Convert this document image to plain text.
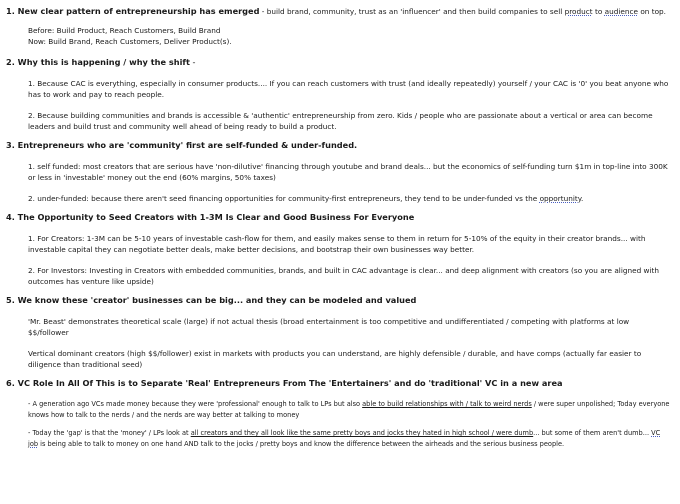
1. New clear pattern of entrepreneurship has emerged - build brand, community, trust as an 'influencer' and then build companies to sell product to audience on top.

Before: Build Product, Reach Customers, Build Brand

Now: Build Brand, Reach Customers, Deliver Product(s).

2. Why this is happening / why the shift -

1. Because CAC is everything, especially in consumer products.... If you can reach customers with trust (and ideally repeatedly) yourself / your CAC is '0' you beat anyone who has to work and pay to reach people.

2. Because building communities and brands is accessible & 'authentic' entrepreneurship from zero. Kids / people who are passionate about a vertical or area can become leaders and build trust and community well ahead of being ready to build a product.

3. Entrepreneurs who are 'community' first are self-funded & under-funded.

1. self funded: most creators that are serious have 'non-dilutive' financing through youtube and brand deals... but the economics of self-funding turn $1m in top-line into 300K or less in 'investable' money out the end (60% margins, 50% taxes)

2. under-funded: because there aren't seed financing opportunities for community-first entrepreneurs, they tend to be under-funded vs the opportunity.

4. The Opportunity to Seed Creators with 1-3M Is Clear and Good Business For Everyone

1. For Creators: 1-3M can be 5-10 years of investable cash-flow for them, and easily makes sense to them in return for 5-10% of the equity in their creator brands... with investable capital they can negotiate better deals, make better decisions, and bootstrap their own businesses way better.

2. For Investors: Investing in Creators with embedded communities, brands, and built in CAC advantage is clear... and deep alignment with creators (so you are aligned with outcomes has venture like upside)

5. We know these 'creator' businesses can be big... and they can be modeled and valued

'Mr. Beast' demonstrates theoretical scale (large) if not actual thesis (broad entertainment is too competitive and undifferentiated / competing with platforms at low $$/follower

Vertical dominant creators (high $$/follower) exist in markets with products you can understand, are highly defensible / durable, and have comps (actually far easier to diligence than traditional seed)

6. VC Role In All Of This is to Separate 'Real' Entrepreneurs From The 'Entertainers' and do 'traditional' VC in a new area

- A generation ago VCs made money because they were 'professional' enough to talk to LPs but also able to build relationships with / talk to weird nerds / were super unpolished; Today everyone knows how to talk to the nerds / and the nerds are way better at talking to money

- Today the 'gap' is that the 'money' / LPs look at all creators and they all look like the same pretty boys and jocks they hated in high school / were dumb... but some of them aren't dumb... VC job is being able to talk to money on one hand AND talk to the jocks / pretty boys and know the difference between the airheads and the serious business people.
